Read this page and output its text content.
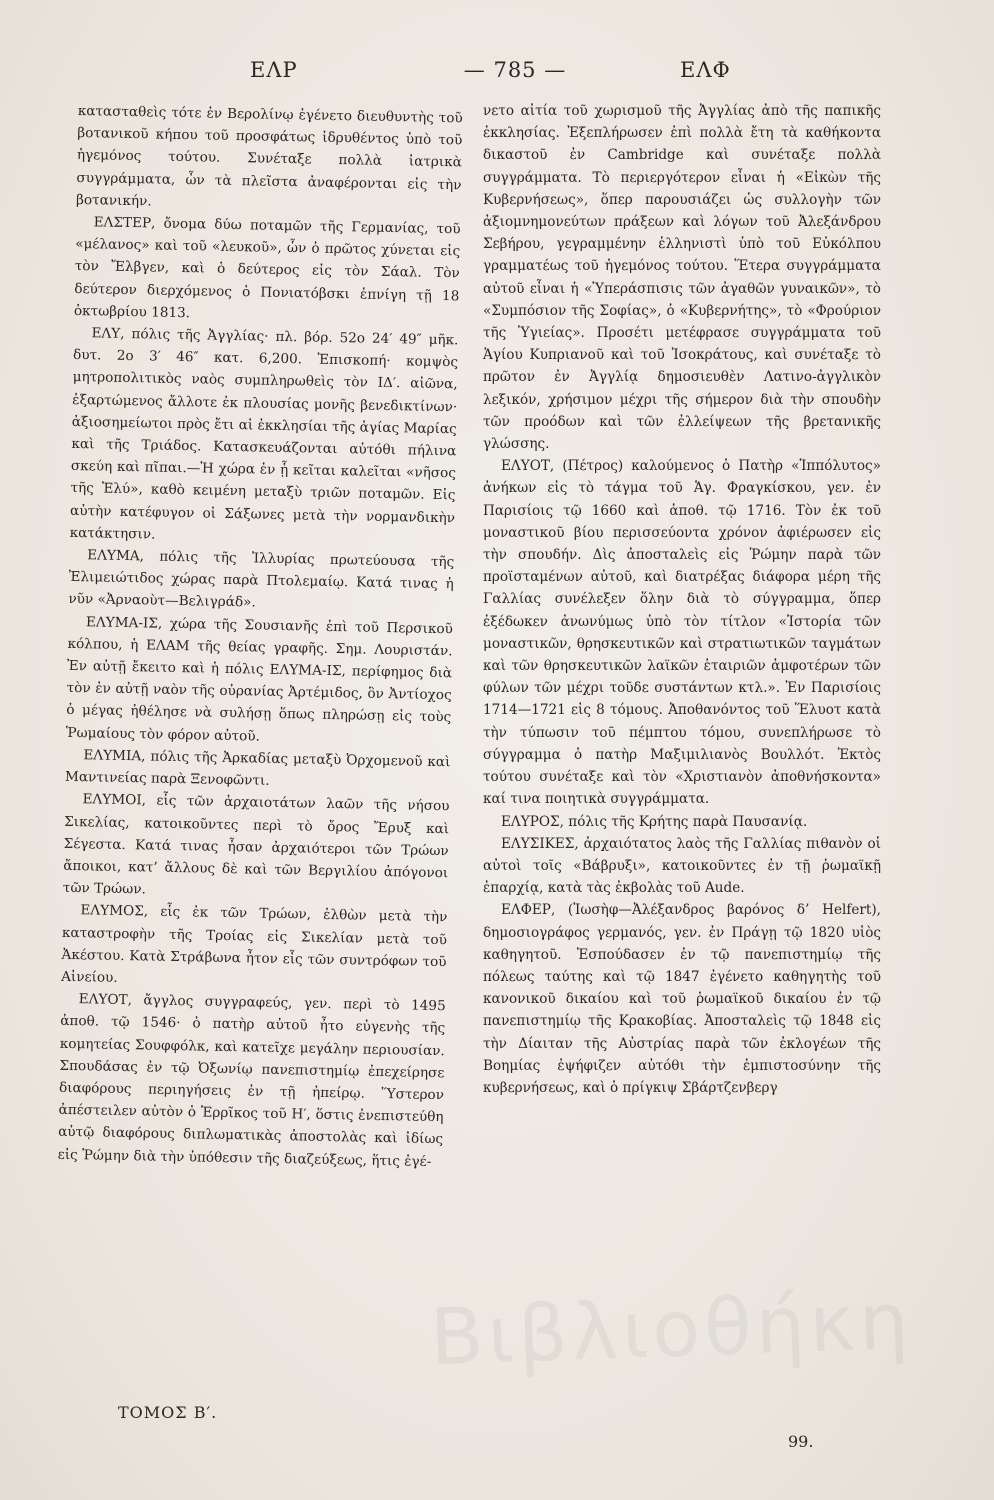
ΕΛΡ	— 785 —	ΕΛΦ

κατασταθεὶς τότε ἐν Βερολίνῳ ἐγένετο διευθυντὴς τοῦ βοτανικοῦ κήπου τοῦ προσφάτως ἱδρυθέντος ὑπὸ τοῦ ἡγεμόνος τούτου. Συνέταξε πολλὰ ἰατρικὰ συγγράμματα, ὧν τὰ πλεῖστα ἀναφέρονται εἰς τὴν βοτανικήν.

ΕΛΣΤΕΡ, ὄνομα δύω ποταμῶν τῆς Γερμανίας, τοῦ «μέλανος» καὶ τοῦ «λευκοῦ», ὧν ὁ πρῶτος χύνεται εἰς τὸν Ἔλβγεν, καὶ ὁ δεύτερος εἰς τὸν Σάαλ. Τὸν δεύτερον διερχόμενος ὁ Πονιατόβσκι ἐπνίγη τῇ 18 ὀκτωβρίου 1813.

ΕΛΥ, πόλις τῆς Ἀγγλίας· πλ. βόρ. 52ο 24′ 49″ μῆκ. δυτ. 2ο 3′ 46″ κατ. 6,200. Ἐπισκοπή· κομψὸς μητροπολιτικὸς ναὸς συμπληρωθεὶς τὸν ΙΔ′. αἰῶνα, ἐξαρτώμενος ἄλλοτε ἐκ πλουσίας μονῆς βενεδικτίνων· ἀξιοσημείωτοι πρὸς ἔτι αἱ ἐκκλησίαι τῆς ἁγίας Μαρίας καὶ τῆς Τριάδος. Κατασκευάζονται αὐτόθι πήλινα σκεύη καὶ πῖπαι.—Ἡ χώρα ἐν ᾗ κεῖται καλεῖται «νῆσος τῆς Ἐλύ», καθὸ κειμένη μεταξὺ τριῶν ποταμῶν. Εἰς αὐτὴν κατέφυγον οἱ Σάξωνες μετὰ τὴν νορμανδικὴν κατάκτησιν.

ΕΛΥΜΑ, πόλις τῆς Ἰλλυρίας πρωτεύουσα τῆς Ἐλιμειώτιδος χώρας παρὰ Πτολεμαίῳ. Κατά τινας ἡ νῦν «Ἀρναοὺτ—Βελιγράδ».

ΕΛΥΜΑ-ΙΣ, χώρα τῆς Σουσιανῆς ἐπὶ τοῦ Περσικοῦ κόλπου, ἡ ΕΛΑΜ τῆς θείας γραφῆς. Σημ. Λουριστάν. Ἐν αὐτῇ ἔκειτο καὶ ἡ πόλις ΕΛΥΜΑ-ΙΣ, περίφημος διὰ τὸν ἐν αὐτῇ ναὸν τῆς οὐρανίας Ἀρτέμιδος, ὃν Ἀντίοχος ὁ μέγας ἠθέλησε νὰ συλήσῃ ὅπως πληρώσῃ εἰς τοὺς Ῥωμαίους τὸν φόρον αὐτοῦ.

ΕΛΥΜΙΑ, πόλις τῆς Ἀρκαδίας μεταξὺ Ὀρχομενοῦ καὶ Μαντινείας παρὰ Ξενοφῶντι.

ΕΛΥΜΟΙ, εἷς τῶν ἀρχαιοτάτων λαῶν τῆς νήσου Σικελίας, κατοικοῦντες περὶ τὸ ὄρος Ἔρυξ καὶ Σέγεστα. Κατά τινας ἦσαν ἀρχαιότεροι τῶν Τρώων ἄποικοι, κατ’ ἄλλους δὲ καὶ τῶν Βεργιλίου ἀπόγονοι τῶν Τρώων.

ΕΛΥΜΟΣ, εἷς ἐκ τῶν Τρώων, ἐλθὼν μετὰ τὴν καταστροφὴν τῆς Τροίας εἰς Σικελίαν μετὰ τοῦ Ἀκέστου. Κατὰ Στράβωνα ἦτον εἷς τῶν συντρόφων τοῦ Αἰνείου.

ΕΛΥΟΤ, ἄγγλος συγγραφεύς, γεν. περὶ τὸ 1495 ἀποθ. τῷ 1546· ὁ πατὴρ αὐτοῦ ἦτο εὐγενὴς τῆς κομητείας Σουφφόλκ, καὶ κατεῖχε μεγάλην περιουσίαν. Σπουδάσας ἐν τῷ Ὀξωνίῳ πανεπιστημίῳ ἐπεχείρησε διαφόρους περιηγήσεις ἐν τῇ ἠπείρῳ. Ὕστερον ἀπέστειλεν αὐτὸν ὁ Ἐρρῖκος τοῦ Η′, ὅστις ἐνεπιστεύθη αὐτῷ διαφόρους διπλωματικὰς ἀποστολὰς καὶ ἰδίως εἰς Ῥώμην διὰ τὴν ὑπόθεσιν τῆς διαζεύξεως, ἥτις ἐγέ-

νετο αἰτία τοῦ χωρισμοῦ τῆς Ἀγγλίας ἀπὸ τῆς παπικῆς ἐκκλησίας. Ἐξεπλήρωσεν ἐπὶ πολλὰ ἔτη τὰ καθήκοντα δικαστοῦ ἐν Cambridge καὶ συνέταξε πολλὰ συγγράμματα. Τὸ περιεργότερον εἶναι ἡ «Εἰκὼν τῆς Κυβερνήσεως», ὅπερ παρουσιάζει ὡς συλλογὴν τῶν ἀξιομνημονεύτων πράξεων καὶ λόγων τοῦ Ἀλεξάνδρου Σεβήρου, γεγραμμένην ἑλληνιστὶ ὑπὸ τοῦ Εὐκόλπου γραμματέως τοῦ ἡγεμόνος τούτου. Ἕτερα συγγράμματα αὐτοῦ εἶναι ἡ «Ὑπεράσπισις τῶν ἀγαθῶν γυναικῶν», τὸ «Συμπόσιον τῆς Σοφίας», ὁ «Κυβερνήτης», τὸ «Φρούριον τῆς Ὑγιείας». Προσέτι μετέφρασε συγγράμματα τοῦ Ἁγίου Κυπριανοῦ καὶ τοῦ Ἰσοκράτους, καὶ συνέταξε τὸ πρῶτον ἐν Ἀγγλίᾳ δημοσιευθὲν Λατινο-ἀγγλικὸν λεξικόν, χρήσιμον μέχρι τῆς σήμερον διὰ τὴν σπουδὴν τῶν προόδων καὶ τῶν ἐλλείψεων τῆς βρετανικῆς γλώσσης.

ΕΛΥΟΤ, (Πέτρος) καλούμενος ὁ Πατὴρ «Ἱππόλυτος» ἀνήκων εἰς τὸ τάγμα τοῦ Ἁγ. Φραγκίσκου, γεν. ἐν Παρισίοις τῷ 1660 καὶ ἀποθ. τῷ 1716. Τὸν ἐκ τοῦ μοναστικοῦ βίου περισσεύοντα χρόνον ἀφιέρωσεν εἰς τὴν σπουδήν. Δὶς ἀποσταλεὶς εἰς Ῥώμην παρὰ τῶν προϊσταμένων αὐτοῦ, καὶ διατρέξας διάφορα μέρη τῆς Γαλλίας συνέλεξεν ὅλην διὰ τὸ σύγγραμμα, ὅπερ ἐξέδωκεν ἀνωνύμως ὑπὸ τὸν τίτλον «Ἱστορία τῶν μοναστικῶν, θρησκευτικῶν καὶ στρατιωτικῶν ταγμάτων καὶ τῶν θρησκευτικῶν λαϊκῶν ἑταιριῶν ἀμφοτέρων τῶν φύλων τῶν μέχρι τοῦδε συστάντων κτλ.». Ἐν Παρισίοις 1714—1721 εἰς 8 τόμους. Ἀποθανόντος τοῦ Ἕλυοτ κατὰ τὴν τύπωσιν τοῦ πέμπτου τόμου, συνεπλήρωσε τὸ σύγγραμμα ὁ πατὴρ Μαξιμιλιανὸς Βουλλότ. Ἐκτὸς τούτου συνέταξε καὶ τὸν «Χριστιανὸν ἀποθνήσκοντα» καί τινα ποιητικὰ συγγράμματα.

ΕΛΥΡΟΣ, πόλις τῆς Κρήτης παρὰ Παυσανίᾳ.

ΕΛΥΣΙΚΕΣ, ἀρχαιότατος λαὸς τῆς Γαλλίας πιθανὸν οἱ αὐτοὶ τοῖς «Βάβρυξι», κατοικοῦντες ἐν τῇ ῥωμαϊκῇ ἐπαρχίᾳ, κατὰ τὰς ἐκβολὰς τοῦ Aude.

ΕΛΦΕΡ, (Ἰωσὴφ—Ἀλέξανδρος βαρόνος δ’ Helfert), δημοσιογράφος γερμανός, γεν. ἐν Πράγῃ τῷ 1820 υἱὸς καθηγητοῦ. Ἐσπούδασεν ἐν τῷ πανεπιστημίῳ τῆς πόλεως ταύτης καὶ τῷ 1847 ἐγένετο καθηγητὴς τοῦ κανονικοῦ δικαίου καὶ τοῦ ῥωμαϊκοῦ δικαίου ἐν τῷ πανεπιστημίῳ τῆς Κρακοβίας. Ἀποσταλεὶς τῷ 1848 εἰς τὴν Δίαιταν τῆς Αὐστρίας παρὰ τῶν ἐκλογέων τῆς Βοημίας ἐψήφιζεν αὐτόθι τὴν ἐμπιστοσύνην τῆς κυβερνήσεως, καὶ ὁ πρίγκιψ Σβάρτζενβεργ

ΤΟΜΟΣ Β′.
99.
Βιβλιοθήκη
